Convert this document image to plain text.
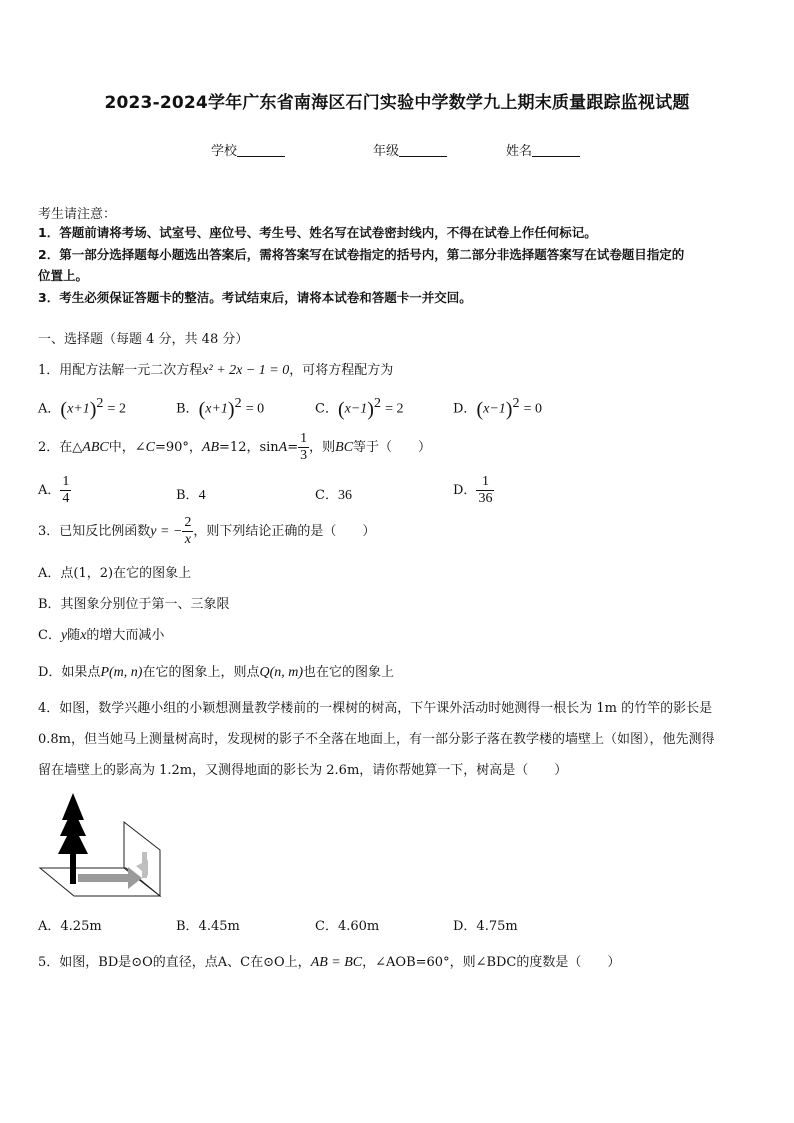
2023-2024学年广东省南海区石门实验中学数学九上期末质量跟踪监视试题
学校	年级	姓名
考生请注意：
1．答题前请将考场、试室号、座位号、考生号、姓名写在试卷密封线内，不得在试卷上作任何标记。
2．第一部分选择题每小题选出答案后，需将答案写在试卷指定的括号内，第二部分非选择题答案写在试卷题目指定的
位置上。
3．考生必须保证答题卡的整洁。考试结束后，请将本试卷和答题卡一并交回。
一、选择题（每题 4 分，共 48 分）
1．用配方法解一元二次方程x² + 2x − 1 = 0，可将方程配方为
A．$(x+1)^2 = 2$	B．$(x+1)^2 = 0$	C．$(x-1)^2 = 2$	D．$(x-1)^2 = 0$
2．在△ABC中，∠C=90°，AB=12，$\sin A= \frac{1}{3}$ ，则BC等于（　　）
A． $\frac{1}{4}$	B．4	C．36	D． $\frac{1}{36}$
3．已知反比例函数y = − $\frac{2}{x}$ ，则下列结论正确的是（　　）
A．点(1，2)在它的图象上
B．其图象分别位于第一、三象限
C．y随x的增大而减小
D．如果点P(m, n)在它的图象上，则点Q(n, m)也在它的图象上
4．如图，数学兴趣小组的小颖想测量教学楼前的一棵树的树高，下午课外活动时她测得一根长为 1m 的竹竿的影长是
0.8m，但当她马上测量树高时，发现树的影子不全落在地面上，有一部分影子落在教学楼的墙壁上（如图），他先测得
留在墙壁上的影高为 1.2m，又测得地面的影长为 2.6m，请你帮她算一下，树高是（　　）
A．4.25m	B．4.45m	C．4.60m	D．4.75m
5．如图，BD是⊙O的直径，点A、C在⊙O上，AB = BC，∠AOB=60°，则∠BDC的度数是（　　）
